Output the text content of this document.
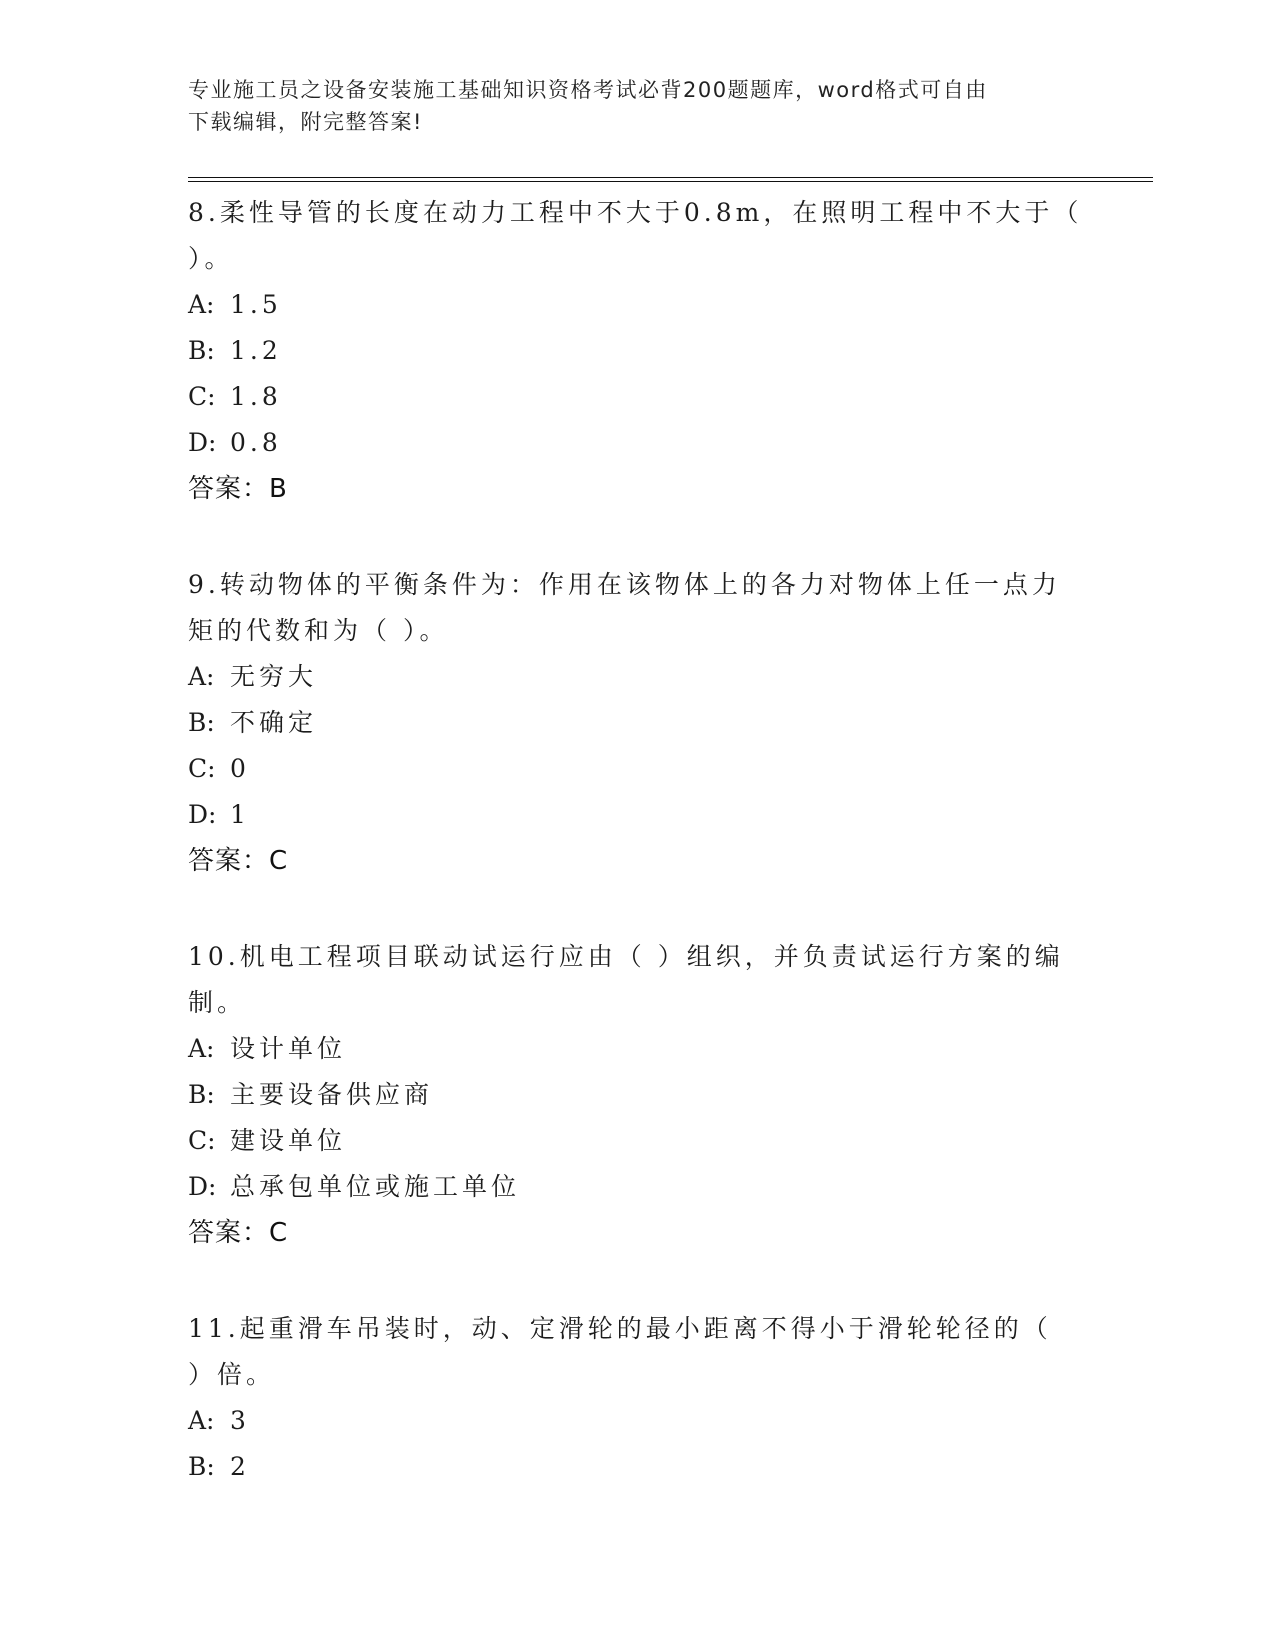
专业施工员之设备安装施工基础知识资格考试必背200题题库，word格式可自由
下载编辑，附完整答案!

8.柔性导管的长度在动力工程中不大于0.8m，在照明工程中不大于（
）。

A: 1.5

B: 1.2

C: 1.8

D: 0.8

答案：B

9.转动物体的平衡条件为：作用在该物体上的各力对物体上任一点力
矩的代数和为（ ）。

A: 无穷大

B: 不确定

C: 0

D: 1

答案：C

10.机电工程项目联动试运行应由（ ）组织，并负责试运行方案的编
制。

A: 设计单位

B: 主要设备供应商

C: 建设单位

D: 总承包单位或施工单位

答案：C

11.起重滑车吊装时，动、定滑轮的最小距离不得小于滑轮轮径的（
）倍。

A: 3

B: 2
